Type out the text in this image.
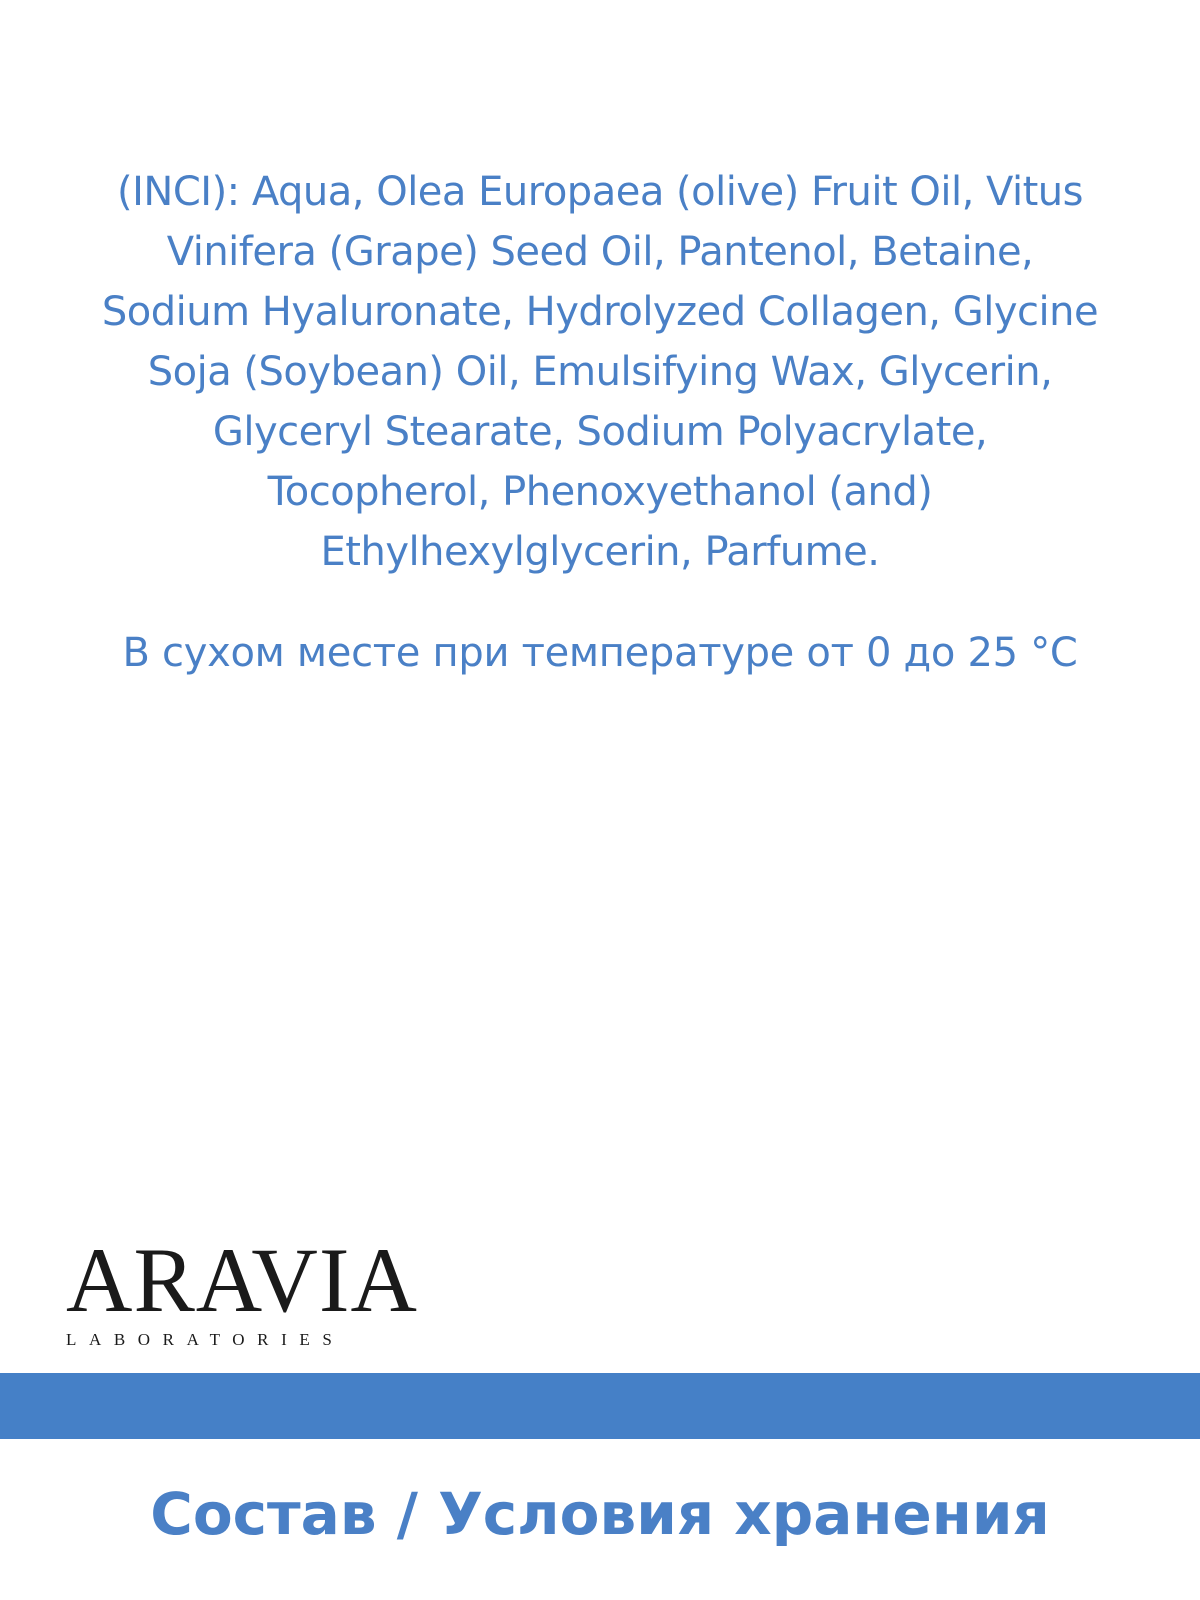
(INCI): Aqua, Olea Europaea (olive) Fruit Oil, Vitus
Vinifera (Grape) Seed Oil, Pantenol, Betaine,
Sodium Hyaluronate, Hydrolyzed Collagen, Glycine
Soja (Soybean) Oil, Emulsifying Wax, Glycerin,
Glyceryl Stearate, Sodium Polyacrylate,
Tocopherol, Phenoxyethanol (and)
Ethylhexylglycerin, Parfume.

В сухом месте при температуре от 0 до 25 °С

ARAVIA
LABORATORIES
Состав / Условия хранения
